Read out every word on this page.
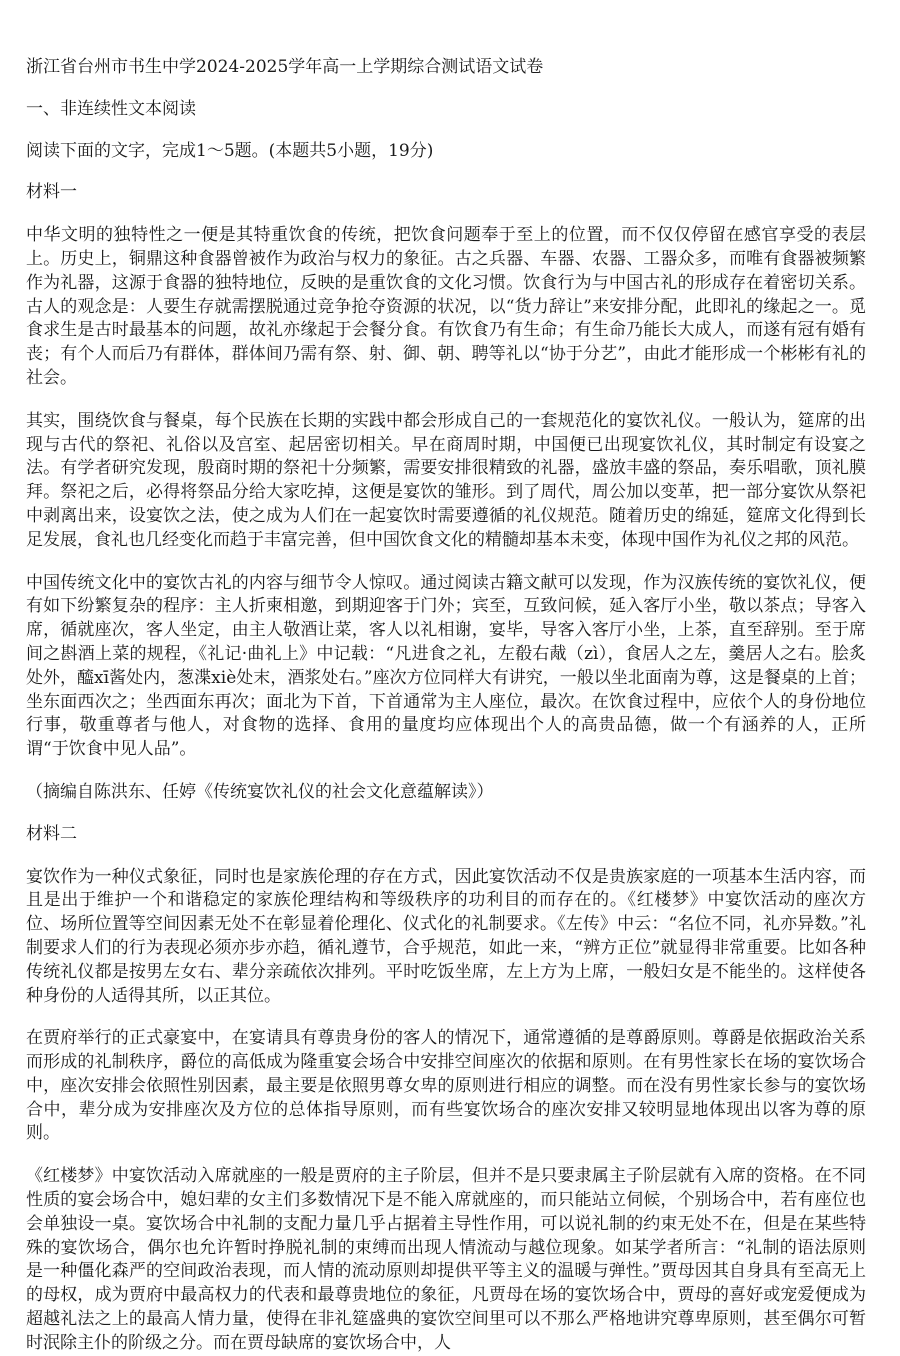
浙江省台州市书生中学2024-2025学年高一上学期综合测试语文试卷
一、非连续性文本阅读
阅读下面的文字，完成1～5题。(本题共5小题，19分)
材料一

中华文明的独特性之一便是其特重饮食的传统，把饮食问题奉于至上的位置，而不仅仅停留在感官享受的表层上。历史上，铜鼎这种食器曾被作为政治与权力的象征。古之兵器、车器、农器、工器众多，而唯有食器被频繁作为礼器，这源于食器的独特地位，反映的是重饮食的文化习惯。饮食行为与中国古礼的形成存在着密切关系。古人的观念是：人要生存就需摆脱通过竞争抢夺资源的状况，以“货力辞让”来安排分配，此即礼的缘起之一。觅食求生是古时最基本的问题，故礼亦缘起于会餐分食。有饮食乃有生命；有生命乃能长大成人，而遂有冠有婚有丧；有个人而后乃有群体，群体间乃需有祭、射、御、朝、聘等礼以“协于分艺”，由此才能形成一个彬彬有礼的社会。

其实，围绕饮食与餐桌，每个民族在长期的实践中都会形成自己的一套规范化的宴饮礼仪。一般认为，筵席的出现与古代的祭祀、礼俗以及宫室、起居密切相关。早在商周时期，中国便已出现宴饮礼仪，其时制定有设宴之法。有学者研究发现，殷商时期的祭祀十分频繁，需要安排很精致的礼器，盛放丰盛的祭品，奏乐唱歌，顶礼膜拜。祭祀之后，必得将祭品分给大家吃掉，这便是宴饮的雏形。到了周代，周公加以变革，把一部分宴饮从祭祀中剥离出来，设宴饮之法，使之成为人们在一起宴饮时需要遵循的礼仪规范。随着历史的绵延，筵席文化得到长足发展，食礼也几经变化而趋于丰富完善，但中国饮食文化的精髓却基本未变，体现中国作为礼仪之邦的风范。

中国传统文化中的宴饮古礼的内容与细节令人惊叹。通过阅读古籍文献可以发现，作为汉族传统的宴饮礼仪，便有如下纷繁复杂的程序：主人折柬相邀，到期迎客于门外；宾至，互致问候，延入客厅小坐，敬以茶点；导客入席，循就座次，客人坐定，由主人敬酒让菜，客人以礼相谢，宴毕，导客入客厅小坐，上茶，直至辞别。至于席间之斟酒上菜的规程，《礼记·曲礼上》中记载：“凡进食之礼，左殽右胾（zì），食居人之左，羹居人之右。脍炙处外，醯xī酱处内，葱渫xiè处末，酒浆处右。”座次方位同样大有讲究，一般以坐北面南为尊，这是餐桌的上首；坐东面西次之；坐西面东再次；面北为下首，下首通常为主人座位，最次。在饮食过程中，应依个人的身份地位行事，敬重尊者与他人，对食物的选择、食用的量度均应体现出个人的高贵品德，做一个有涵养的人，正所谓“于饮食中见人品”。

（摘编自陈洪东、任婷《传统宴饮礼仪的社会文化意蕴解读》）
材料二

宴饮作为一种仪式象征，同时也是家族伦理的存在方式，因此宴饮活动不仅是贵族家庭的一项基本生活内容，而且是出于维护一个和谐稳定的家族伦理结构和等级秩序的功利目的而存在的。《红楼梦》中宴饮活动的座次方位、场所位置等空间因素无处不在彰显着伦理化、仪式化的礼制要求。《左传》中云：“名位不同，礼亦异数。”礼制要求人们的行为表现必须亦步亦趋，循礼遵节，合乎规范，如此一来，“辨方正位”就显得非常重要。比如各种传统礼仪都是按男左女右、辈分亲疏依次排列。平时吃饭坐席，左上方为上席，一般妇女是不能坐的。这样使各种身份的人适得其所，以正其位。

在贾府举行的正式豪宴中，在宴请具有尊贵身份的客人的情况下，通常遵循的是尊爵原则。尊爵是依据政治关系而形成的礼制秩序，爵位的高低成为隆重宴会场合中安排空间座次的依据和原则。在有男性家长在场的宴饮场合中，座次安排会依照性别因素，最主要是依照男尊女卑的原则进行相应的调整。而在没有男性家长参与的宴饮场合中，辈分成为安排座次及方位的总体指导原则，而有些宴饮场合的座次安排又较明显地体现出以客为尊的原则。

《红楼梦》中宴饮活动入席就座的一般是贾府的主子阶层，但并不是只要隶属主子阶层就有入席的资格。在不同性质的宴会场合中，媳妇辈的女主们多数情况下是不能入席就座的，而只能站立伺候，个别场合中，若有座位也会单独设一桌。宴饮场合中礼制的支配力量几乎占据着主导性作用，可以说礼制的约束无处不在，但是在某些特殊的宴饮场合，偶尔也允许暂时挣脱礼制的束缚而出现人情流动与越位现象。如某学者所言：“礼制的语法原则是一种僵化森严的空间政治表现，而人情的流动原则却提供平等主义的温暖与弹性。”贾母因其自身具有至高无上的母权，成为贾府中最高权力的代表和最尊贵地位的象征，凡贾母在场的宴饮场合中，贾母的喜好或宠爱便成为超越礼法之上的最高人情力量，使得在非礼筵盛典的宴饮空间里可以不那么严格地讲究尊卑原则，甚至偶尔可暂时泯除主仆的阶级之分。而在贾母缺席的宴饮场合中，人
